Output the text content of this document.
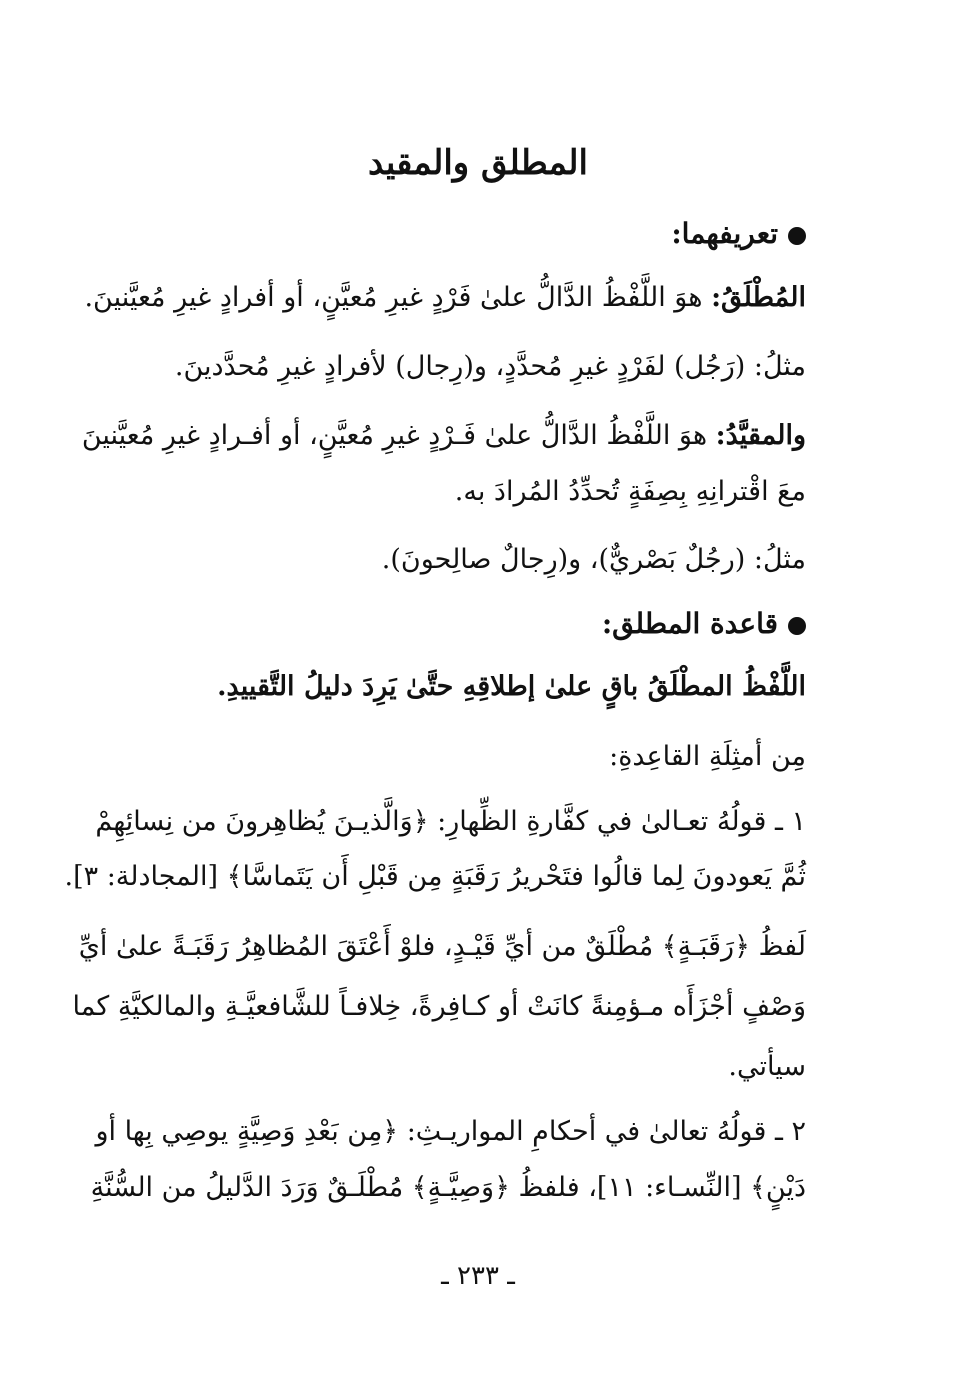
المطلق والمقيد
تعريفهما:
المُطْلَقُ: هوَ اللَّفْظُ الدَّالُّ علىٰ فَرْدٍ غيرِ مُعيَّنٍ، أو أفرادٍ غيرِ مُعيَّنينَ.
مثلُ: (رَجُل) لفَرْدٍ غيرِ مُحدَّدٍ، و(رِجال) لأفرادٍ غيرِ مُحدَّدينَ.
والمقيَّدُ: هوَ اللَّفْظُ الدَّالُّ علىٰ فَـرْدٍ غيرِ مُعيَّنٍ، أو أفـرادٍ غيرِ مُعيَّنينَ
معَ اقْترانِهِ بِصِفَةٍ تُحدِّدُ المُرادَ به.
مثلُ: (رجُلٌ بَصْريٌّ)، و(رِجالٌ صالِحونَ).
قاعدة المطلق:
اللَّفْظُ المطْلَقُ باقٍ علىٰ إطلاقِهِ حتَّىٰ يَرِدَ دليلُ التَّقييدِ.
مِن أمثِلَةِ القاعِدةِ:
١ ـ قولُهُ تعـالىٰ في كفَّارةِ الظِّهارِ: ﴿وَالَّذيـنَ يُظاهِرونَ من نِسائِهِمْ
ثُمَّ يَعودونَ لِما قالُوا فتَحْريرُ رَقَبَةٍ مِن قَبْلِ أَن يَتَماسَّا﴾ [المجادلة: ٣].
لَفظُ ﴿رَقَبَـةٍ﴾ مُطْلَقٌ من أيِّ قَيْـدٍ، فلوْ أَعْتَقَ المُظاهِرُ رَقَبَـةً علىٰ أيِّ
وَصْفٍ أجْزَأَه مـؤمِنةً كانَتْ أو كـافِرةً، خِلافـاً للشَّافعيَّـةِ والمالكيَّةِ كما
سيأتي.
٢ ـ قولُهُ تعالىٰ في أحكامِ المواريـثِ: ﴿مِن بَعْدِ وَصِيَّةٍ يوصِي بِها أو
دَيْنٍ﴾ [النِّسـاء: ١١]، فلفظُ ﴿وَصِيَّـةٍ﴾ مُطْلَـقٌ وَرَدَ الدَّليلُ من السُّنَّةِ
ـ ٢٣٣ ـ
